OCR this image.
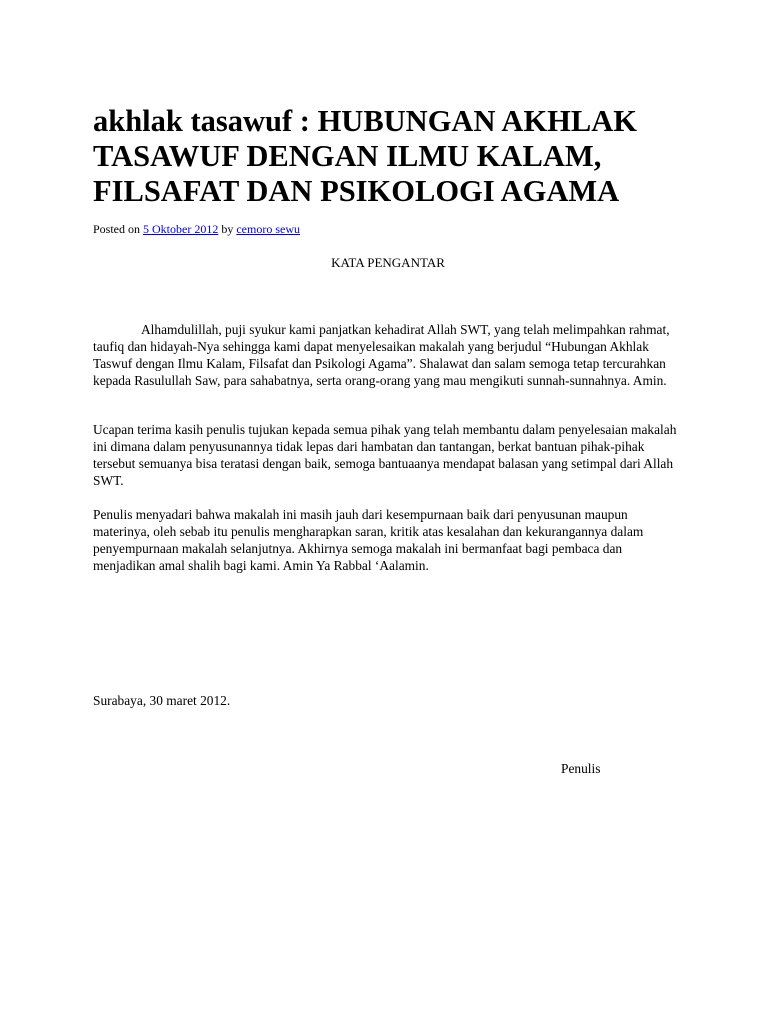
akhlak tasawuf : HUBUNGAN AKHLAK TASAWUF DENGAN ILMU KALAM, FILSAFAT DAN PSIKOLOGI AGAMA
Posted on 5 Oktober 2012 by cemoro sewu
KATA PENGANTAR

Alhamdulillah, puji syukur kami panjatkan kehadirat Allah SWT, yang telah melimpahkan rahmat, taufiq dan hidayah-Nya sehingga kami dapat menyelesaikan makalah yang berjudul “Hubungan Akhlak Taswuf dengan Ilmu Kalam, Filsafat dan Psikologi Agama”. Shalawat dan salam semoga tetap tercurahkan kepada Rasulullah Saw, para sahabatnya, serta orang-orang yang mau mengikuti sunnah-sunnahnya. Amin.

Ucapan terima kasih penulis tujukan kepada semua pihak yang telah membantu dalam penyelesaian makalah ini dimana dalam penyusunannya tidak lepas dari hambatan dan tantangan, berkat bantuan pihak-pihak tersebut semuanya bisa teratasi dengan baik, semoga bantuaanya mendapat balasan yang setimpal dari Allah SWT.

Penulis menyadari bahwa makalah ini masih jauh dari kesempurnaan baik dari penyusunan maupun materinya, oleh sebab itu penulis mengharapkan saran, kritik atas kesalahan dan kekurangannya dalam penyempurnaan makalah selanjutnya. Akhirnya semoga makalah ini bermanfaat bagi pembaca dan menjadikan amal shalih bagi kami. Amin Ya Rabbal ‘Aalamin.

Surabaya, 30 maret 2012.
Penulis
